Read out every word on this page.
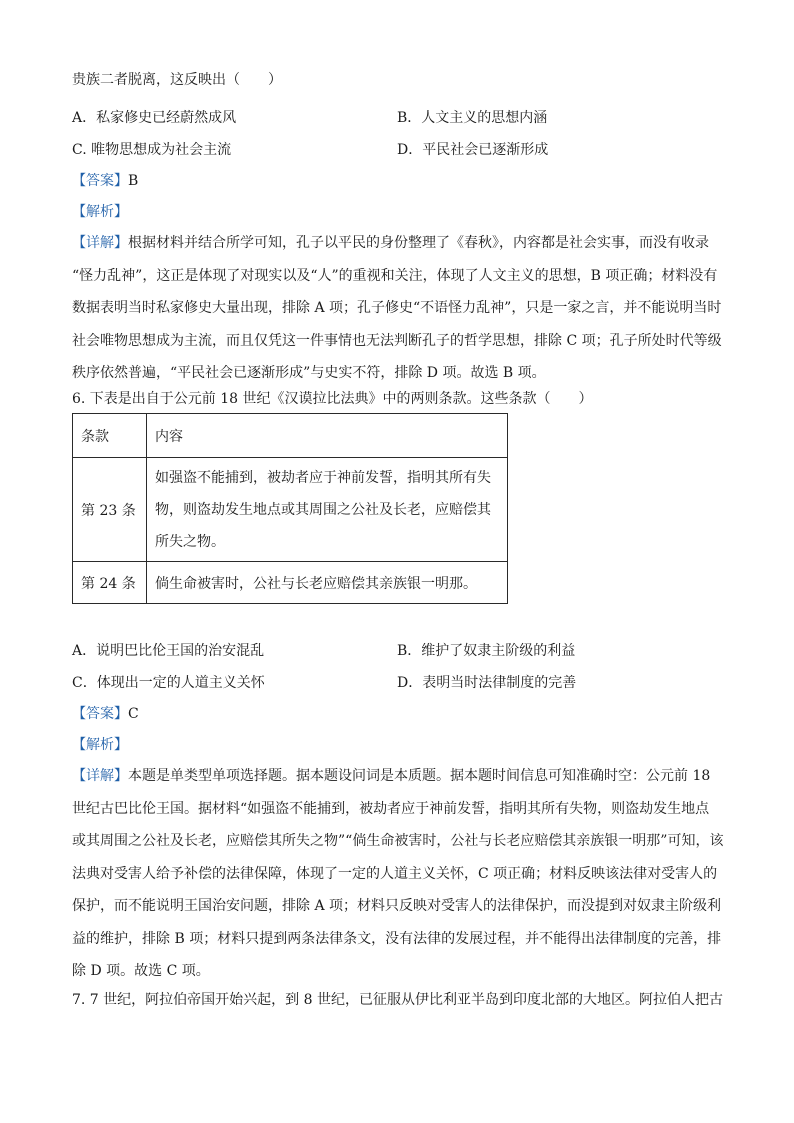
贵族二者脱离，这反映出（　　）
A．私家修史已经蔚然成风	B．人文主义的思想内涵
C. 唯物思想成为社会主流	D．平民社会已逐渐形成
【答案】B
【解析】
【详解】根据材料并结合所学可知，孔子以平民的身份整理了《春秋》，内容都是社会实事，而没有收录
“怪力乱神”，这正是体现了对现实以及“人”的重视和关注，体现了人文主义的思想，B 项正确；材料没有
数据表明当时私家修史大量出现，排除 A 项；孔子修史“不语怪力乱神”，只是一家之言，并不能说明当时
社会唯物思想成为主流，而且仅凭这一件事情也无法判断孔子的哲学思想，排除 C 项；孔子所处时代等级
秩序依然普遍，“平民社会已逐渐形成”与史实不符，排除 D 项。故选 B 项。
6. 下表是出自于公元前 18 世纪《汉谟拉比法典》中的两则条款。这些条款（　　）
条款	内容
第 23 条	如强盗不能捕到，被劫者应于神前发誓，指明其所有失
物，则盗劫发生地点或其周围之公社及长老，应赔偿其
所失之物。

第 24 条	倘生命被害时，公社与长老应赔偿其亲族银一明那。
A．说明巴比伦王国的治安混乱	B．维护了奴隶主阶级的利益
C．体现出一定的人道主义关怀	D．表明当时法律制度的完善
【答案】C
【解析】
【详解】本题是单类型单项选择题。据本题设问词是本质题。据本题时间信息可知准确时空：公元前 18
世纪古巴比伦王国。据材料“如强盗不能捕到，被劫者应于神前发誓，指明其所有失物，则盗劫发生地点
或其周围之公社及长老，应赔偿其所失之物”“倘生命被害时，公社与长老应赔偿其亲族银一明那”可知，该
法典对受害人给予补偿的法律保障，体现了一定的人道主义关怀，C 项正确；材料反映该法律对受害人的
保护，而不能说明王国治安问题，排除 A 项；材料只反映对受害人的法律保护，而没提到对奴隶主阶级利
益的维护，排除 B 项；材料只提到两条法律条文，没有法律的发展过程，并不能得出法律制度的完善，排
除 D 项。故选 C 项。
7. 7 世纪，阿拉伯帝国开始兴起，到 8 世纪，已征服从伊比利亚半岛到印度北部的大地区。阿拉伯人把古
